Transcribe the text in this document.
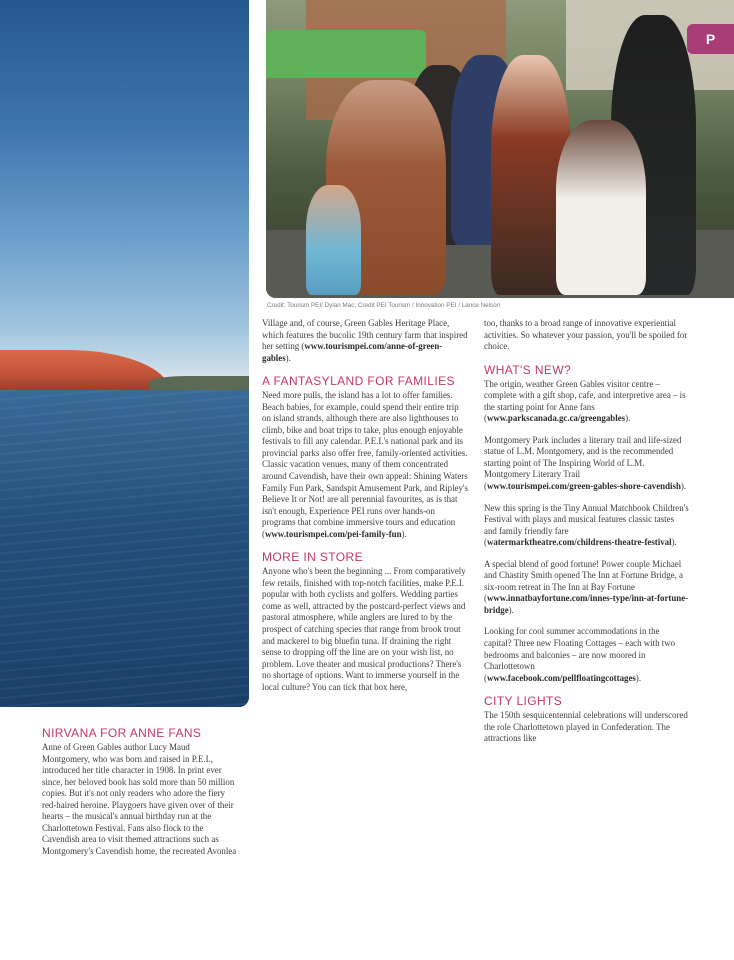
P
Credit: Tourism PEI/ Dylan Mac; Credit PEI Tourism / Innovation PEI / Lance Nelson
NIRVANA FOR ANNE FANS

Anne of Green Gables author Lucy Maud Montgomery, who was born and raised in P.E.I., introduced her title character in 1908. In print ever since, her beloved book has sold more than 50 million copies. But it's not only readers who adore the fiery red-haired heroine. Playgoers have given over of their hearts – the musical's annual birthday run at the Charlottetown Festival. Fans also flock to the Cavendish area to visit themed attractions such as Montgomery's Cavendish home, the recreated Avonlea

Village and, of course, Green Gables Heritage Place, which features the bucolic 19th century farm that inspired her setting (www.tourismpei.com/anne-of-green-gables).

A FANTASYLAND FOR FAMILIES

Need more pulls, the island has a lot to offer families. Beach babies, for example, could spend their entire trip on island strands, although there are also lighthouses to climb, bike and boat trips to take, plus enough enjoyable festivals to fill any calendar. P.E.I.'s national park and its provincial parks also offer free, family-oriented activities. Classic vacation venues, many of them concentrated around Cavendish, have their own appeal: Shining Waters Family Fun Park, Sandspit Amusement Park, and Ripley's Believe It or Not! are all perennial favourites, as is that isn't enough, Experience PEI runs over hands-on programs that combine immersive tours and education (www.tourismpei.com/pei-family-fun).

MORE IN STORE

Anyone who's been the beginning ... From comparatively few retails, finished with top-notch facilities, make P.E.I. popular with both cyclists and golfers. Wedding parties come as well, attracted by the postcard-perfect views and pastoral atmosphere, while anglers are lured to by the prospect of catching species that range from brook trout and mackerel to big bluefin tuna. If draining the right sense to dropping off the line are on your wish list, no problem. Love theater and musical productions? There's no shortage of options. Want to immerse yourself in the local culture? You can tick that box here,

too, thanks to a broad range of innovative experiential activities. So whatever your passion, you'll be spoiled for choice.

WHAT'S NEW?

The origin, weather Green Gables visitor centre – complete with a gift shop, cafe, and interpretive area – is the starting point for Anne fans (www.parkscanada.gc.ca/greengables).

Montgomery Park includes a literary trail and life-sized statue of L.M. Montgomery, and is the recommended starting point of The Inspiring World of L.M. Montgomery Literary Trail (www.tourismpei.com/green-gables-shore-cavendish).

New this spring is the Tiny Annual Matchbook Children's Festival with plays and musical features classic tastes and family friendly fare (watermarktheatre.com/childrens-theatre-festival).

A special blend of good fortune! Power couple Michael and Chastity Smith opened The Inn at Fortune Bridge, a six-room retreat in The Inn at Bay Fortune (www.innatbayfortune.com/innes-type/inn-at-fortune-bridge).

Looking for cool summer accommodations in the capital? Three new Floating Cottages – each with two bedrooms and balconies – are now moored in Charlottetown (www.facebook.com/pellfloatingcottages).

CITY LIGHTS

The 150th sesquicentennial celebrations will underscored the role Charlottetown played in Confederation. The attractions like
